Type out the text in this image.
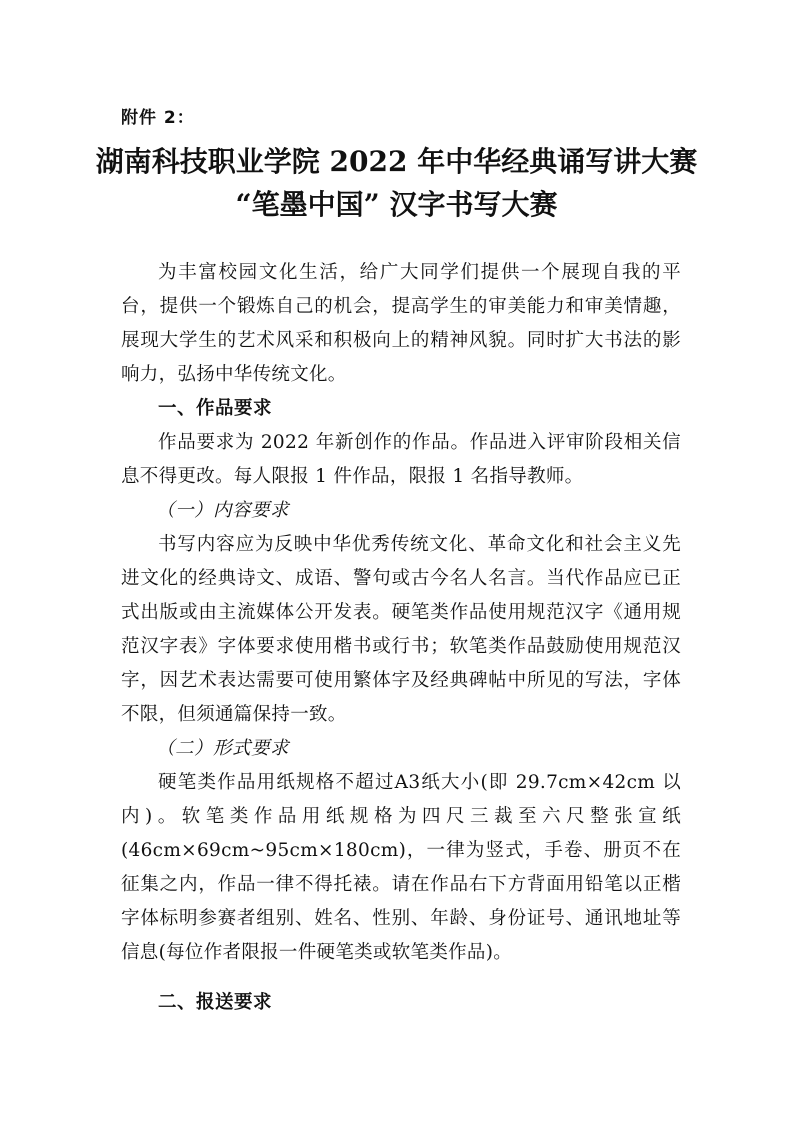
附件 2：
湖南科技职业学院 2022 年中华经典诵写讲大赛
“笔墨中国” 汉字书写大赛
为丰富校园文化生活，给广大同学们提供一个展现自我的平台，提供一个锻炼自己的机会，提高学生的审美能力和审美情趣，展现大学生的艺术风采和积极向上的精神风貌。同时扩大书法的影响力，弘扬中华传统文化。
一、作品要求
作品要求为 2022 年新创作的作品。作品进入评审阶段相关信息不得更改。每人限报 1 件作品，限报 1 名指导教师。
（一）内容要求
书写内容应为反映中华优秀传统文化、革命文化和社会主义先进文化的经典诗文、成语、警句或古今名人名言。当代作品应已正式出版或由主流媒体公开发表。硬笔类作品使用规范汉字《通用规范汉字表》字体要求使用楷书或行书；软笔类作品鼓励使用规范汉字，因艺术表达需要可使用繁体字及经典碑帖中所见的写法，字体不限，但须通篇保持一致。
（二）形式要求
硬笔类作品用纸规格不超过A3纸大小(即 29.7cm×42cm 以内)。软笔类作品用纸规格为四尺三裁至六尺整张宣纸(46cm×69cm~95cm×180cm)，一律为竖式，手卷、册页不在征集之内，作品一律不得托裱。请在作品右下方背面用铅笔以正楷字体标明参赛者组别、姓名、性别、年龄、身份证号、通讯地址等信息(每位作者限报一件硬笔类或软笔类作品)。
二、报送要求
